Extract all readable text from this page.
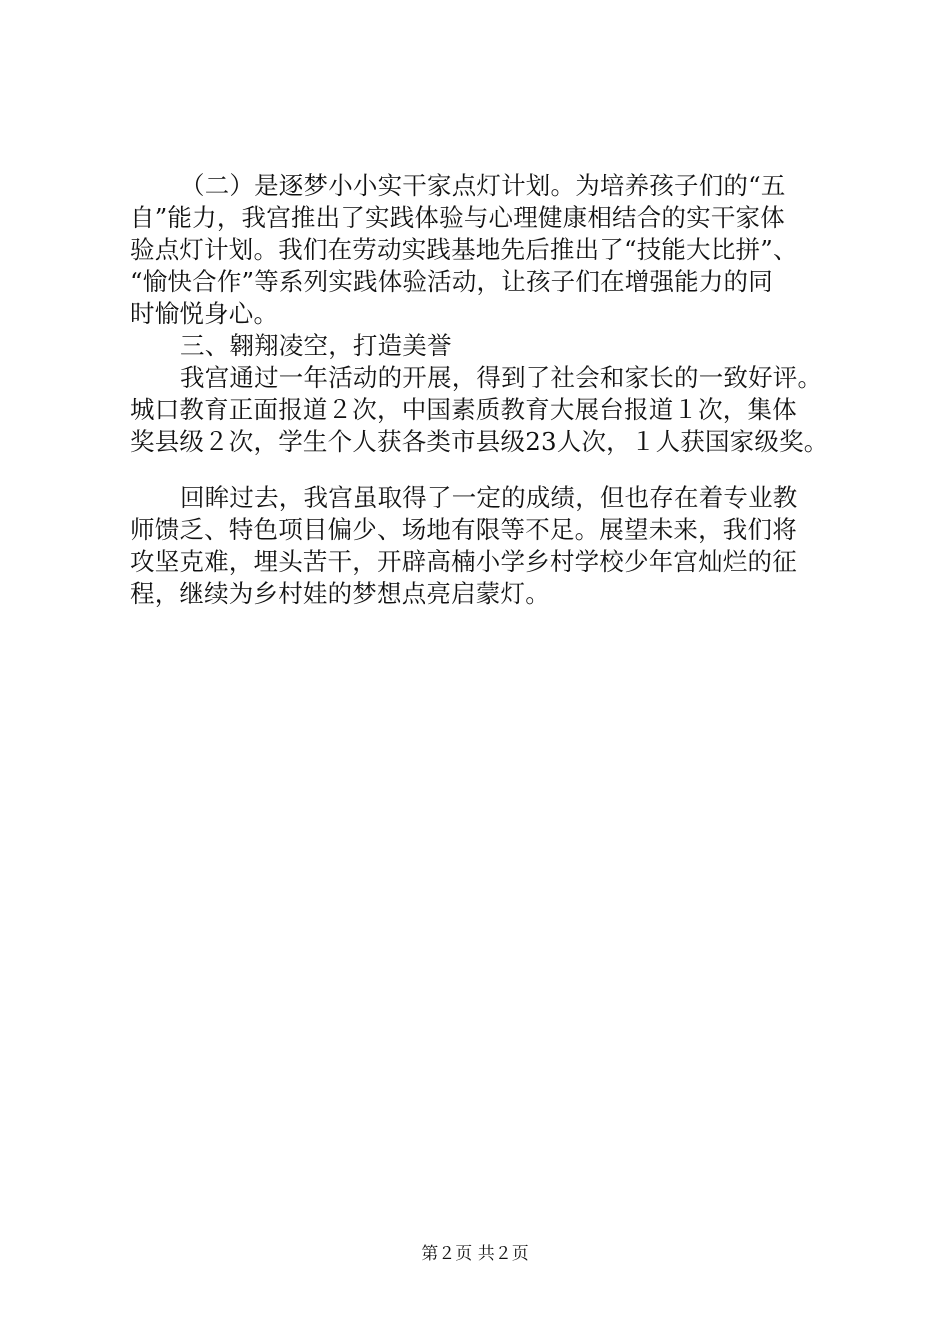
（二）是逐梦小小实干家点灯计划。为培养孩子们的“五
自”能力，我宫推出了实践体验与心理健康相结合的实干家体
验点灯计划。我们在劳动实践基地先后推出了“技能大比拼”、
“愉快合作”等系列实践体验活动，让孩子们在增强能力的同
时愉悦身心。
三、翱翔凌空，打造美誉
我宫通过一年活动的开展，得到了社会和家长的一致好评。
城口教育正面报道２次，中国素质教育大展台报道１次，集体
奖县级２次，学生个人获各类市县级23人次，１人获国家级奖。
回眸过去，我宫虽取得了一定的成绩，但也存在着专业教
师馈乏、特色项目偏少、场地有限等不足。展望未来，我们将
攻坚克难，埋头苦干，开辟高楠小学乡村学校少年宫灿烂的征
程，继续为乡村娃的梦想点亮启蒙灯。
第２页 共２页
